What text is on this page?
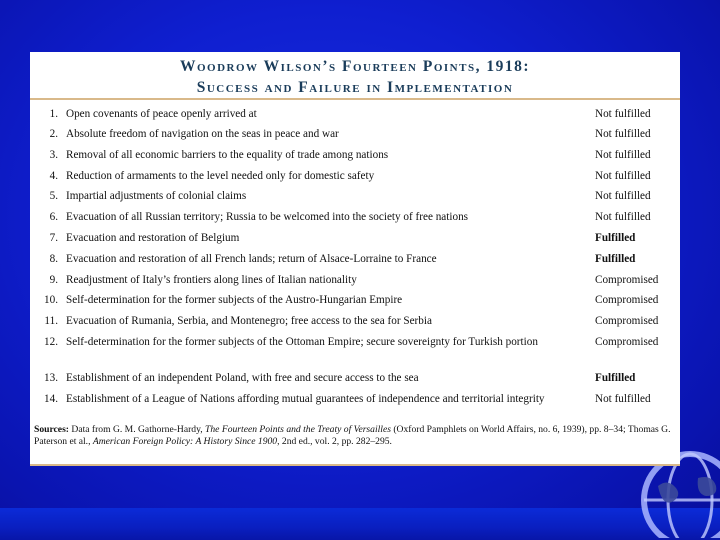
Woodrow Wilson’s Fourteen Points, 1918:
Success and Failure in Implementation
1. Open covenants of peace openly arrived at	Not fulfilled
2. Absolute freedom of navigation on the seas in peace and war	Not fulfilled
3. Removal of all economic barriers to the equality of trade among nations	Not fulfilled
4. Reduction of armaments to the level needed only for domestic safety	Not fulfilled
5. Impartial adjustments of colonial claims	Not fulfilled
6. Evacuation of all Russian territory; Russia to be welcomed into the society of free nations	Not fulfilled
7. Evacuation and restoration of Belgium	Fulfilled
8. Evacuation and restoration of all French lands; return of Alsace-Lorraine to France	Fulfilled
9. Readjustment of Italy’s frontiers along lines of Italian nationality	Compromised
10. Self-determination for the former subjects of the Austro-Hungarian Empire	Compromised
11. Evacuation of Rumania, Serbia, and Montenegro; free access to the sea for Serbia	Compromised
12. Self-determination for the former subjects of the Ottoman Empire; secure sovereignty for Turkish portion	Compromised
13. Establishment of an independent Poland, with free and secure access to the sea	Fulfilled
14. Establishment of a League of Nations affording mutual guarantees of independence and territorial integrity	Not fulfilled
Sources: Data from G. M. Gathorne-Hardy, The Fourteen Points and the Treaty of Versailles (Oxford Pamphlets on World Affairs, no. 6, 1939), pp. 8–34; Thomas G. Paterson et al., American Foreign Policy: A History Since 1900, 2nd ed., vol. 2, pp. 282–295.
